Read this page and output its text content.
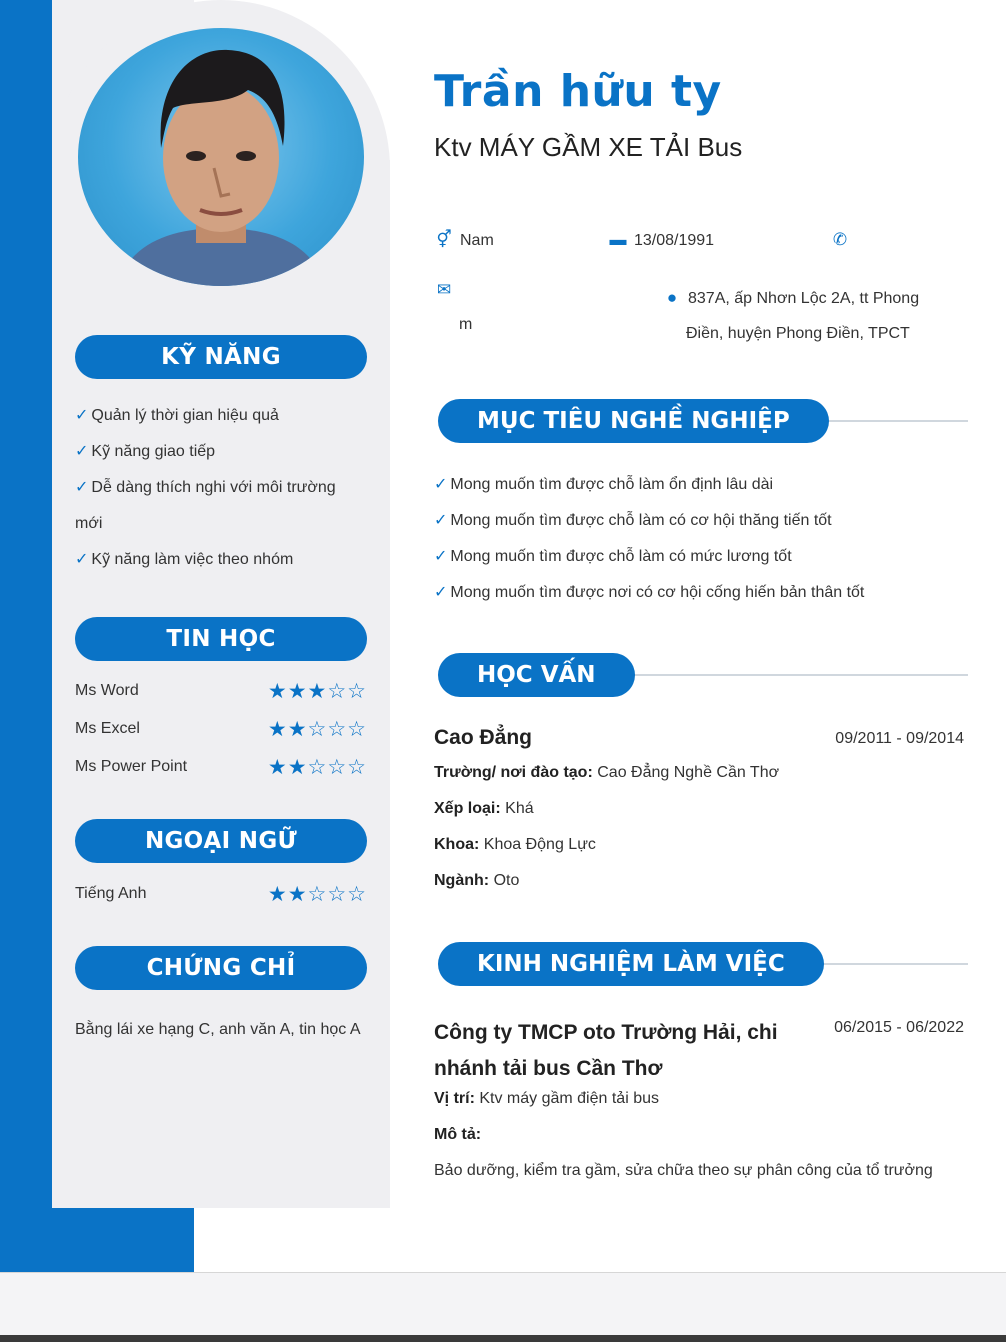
KỸ NĂNG
✓ Quản lý thời gian hiệu quả
✓ Kỹ năng giao tiếp
✓ Dễ dàng thích nghi với môi trường
mới
✓ Kỹ năng làm việc theo nhóm
TIN HỌC
Ms Word	★★★☆☆
Ms Excel	★★☆☆☆
Ms Power Point	★★☆☆☆
NGOẠI NGỮ
Tiếng Anh	★★☆☆☆
CHỨNG CHỈ
Bằng lái xe hạng C, anh văn A, tin học A
Trần hữu ty
Ktv MÁY GẦM XE TẢI Bus
⚥ Nam	▬ 13/08/1991	✆
✉
m
● 837A, ấp Nhơn Lộc 2A, tt Phong
Điền, huyện Phong Điền, TPCT
MỤC TIÊU NGHỀ NGHIỆP
✓ Mong muốn tìm được chỗ làm ổn định lâu dài
✓ Mong muốn tìm được chỗ làm có cơ hội thăng tiến tốt
✓ Mong muốn tìm được chỗ làm có mức lương tốt
✓ Mong muốn tìm được nơi có cơ hội cống hiến bản thân tốt
HỌC VẤN
Cao Đẳng	09/2011 - 09/2014
Trường/ nơi đào tạo: Cao Đẳng Nghề Cần Thơ
Xếp loại: Khá
Khoa: Khoa Động Lực
Ngành: Oto
KINH NGHIỆM LÀM VIỆC
Công ty TMCP oto Trường Hải, chi
nhánh tải bus Cần Thơ
06/2015 - 06/2022
Vị trí: Ktv máy gầm điện tải bus
Mô tả:
Bảo dưỡng, kiểm tra gầm, sửa chữa theo sự phân công của tổ trưởng
